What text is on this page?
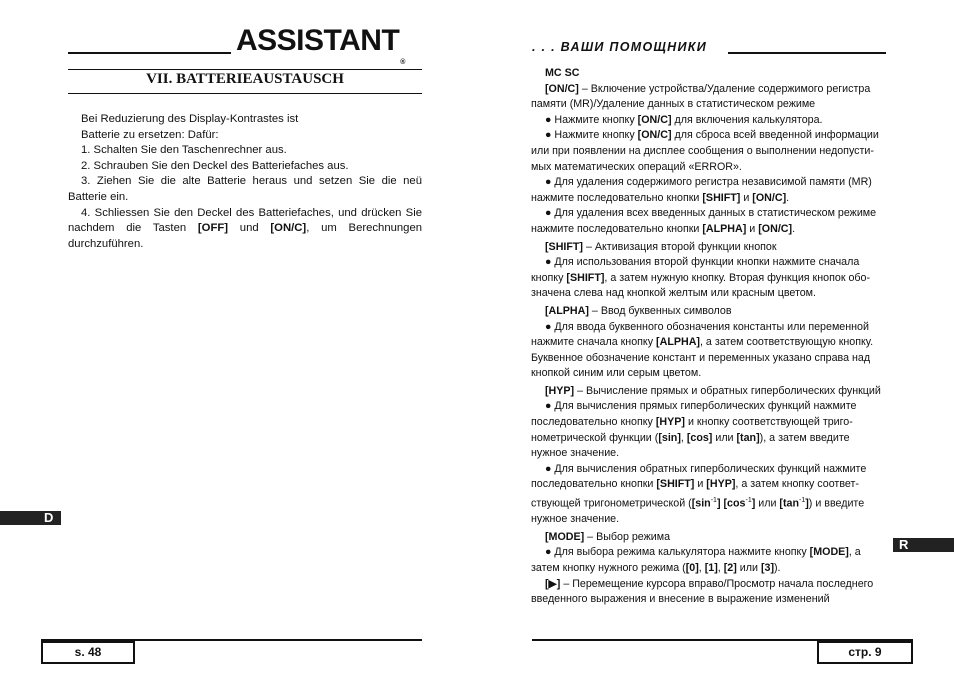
ASSISTANT®
. . . ВАШИ ПОМОЩНИКИ
VII. BATTERIEAUSTAUSCH

Bei Reduzierung des Display-Kontrastes ist

Batterie zu ersetzen: Dafür:

1. Schalten Sie den Taschenrechner aus.

2. Schrauben Sie den Deckel des Batteriefaches aus.

3. Ziehen Sie die alte Batterie heraus und setzen Sie die neü Batterie ein.

4. Schliessen Sie den Deckel des Batteriefaches, und drücken Sie nachdem die Tasten [OFF] und [ON/C], um Berechnungen durchzuführen.

D
s. 48

MC SC

[ON/C] – Включение устройства/Удаление содержимого регистра памяти (MR)/Удаление данных в статистическом режиме

● Нажмите кнопку [ON/C] для включения калькулятора.

● Нажмите кнопку [ON/C] для сброса всей введенной информации или при появлении на дисплее сообщения о выполнении недопусти-мых математических операций «ERROR».

● Для удаления содержимого регистра независимой памяти (MR) нажмите последовательно кнопки [SHIFT] и [ON/C].

● Для удаления всех введенных данных в статистическом режиме нажмите последовательно кнопки [ALPHA] и [ON/C].

[SHIFT] – Активизация второй функции кнопок

● Для использования второй функции кнопки нажмите сначала кнопку [SHIFT], а затем нужную кнопку. Вторая функция кнопок обо-значена слева над кнопкой желтым или красным цветом.

[ALPHA] – Ввод буквенных символов

● Для ввода буквенного обозначения константы или переменной нажмите сначала кнопку [ALPHA], а затем соответствующую кнопку. Буквенное обозначение констант и переменных указано справа над кнопкой синим или серым цветом.

[HYP] – Вычисление прямых и обратных гиперболических функций

● Для вычисления прямых гиперболических функций нажмите последовательно кнопку [HYP] и кнопку соответствующей триго-нометрической функции ([sin], [cos] или [tan]), а затем введите нужное значение.

● Для вычисления обратных гиперболических функций нажмите последовательно кнопки [SHIFT] и [HYP], а затем кнопку соответ-ствующей тригонометрической ($[\sin^{-1}]$ $[\cos^{-1}]$ или $[\tan^{-1}]$) и введите нужное значение.

[MODE] – Выбор режима

● Для выбора режима калькулятора нажмите кнопку [MODE], а затем кнопку нужного режима ([0], [1], [2] или [3]).

[▶] – Перемещение курсора вправо/Просмотр начала последнего введенного выражения и внесение в выражение изменений

R
стр. 9
